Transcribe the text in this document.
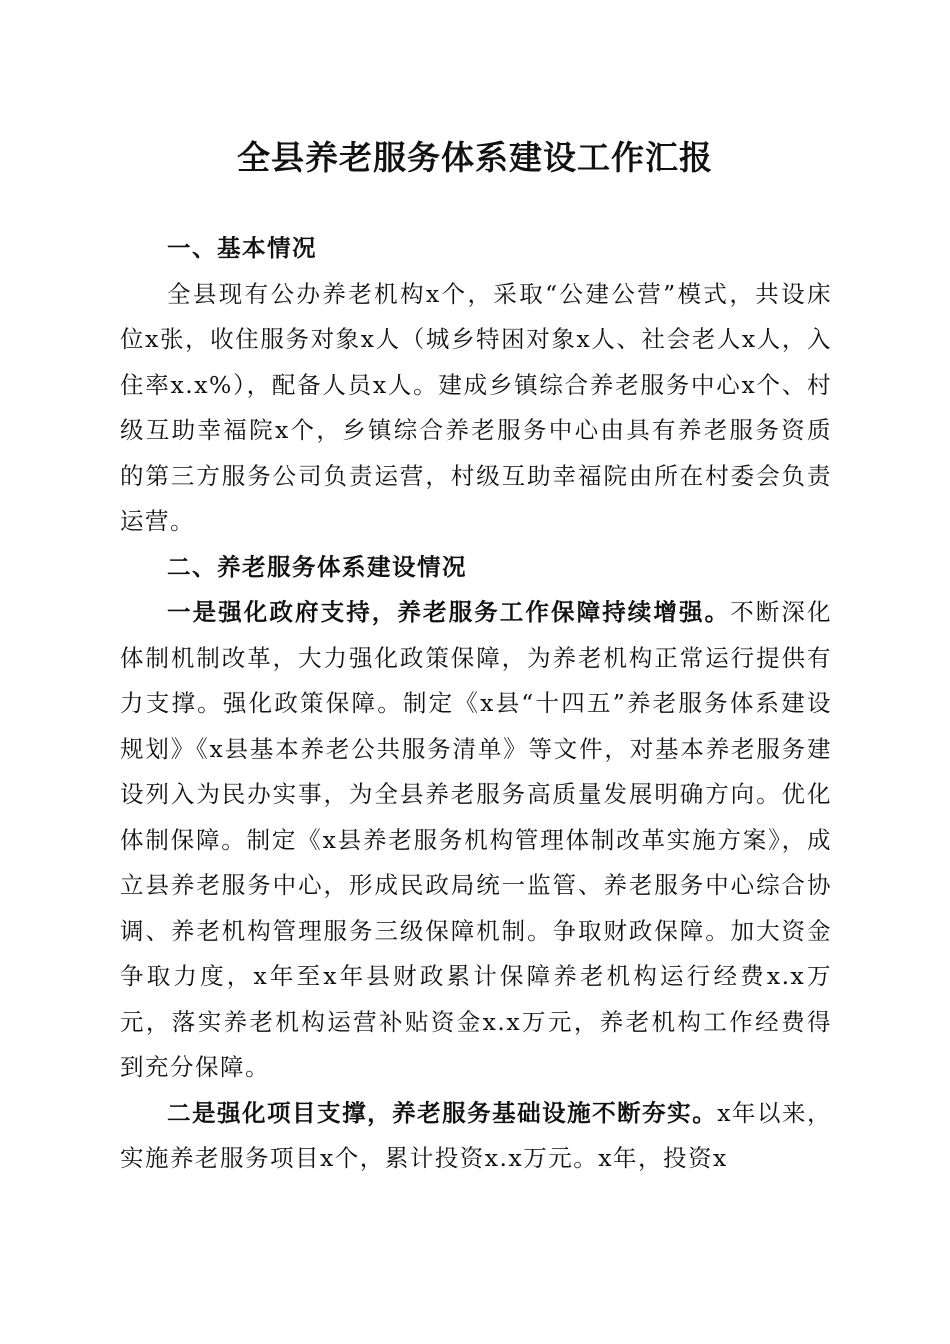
全县养老服务体系建设工作汇报

一、基本情况

全县现有公办养老机构x个，采取“公建公营”模式，共设床位x张，收住服务对象x人（城乡特困对象x人、社会老人x人，入住率x.x%），配备人员x人。建成乡镇综合养老服务中心x个、村级互助幸福院x个，乡镇综合养老服务中心由具有养老服务资质的第三方服务公司负责运营，村级互助幸福院由所在村委会负责运营。

二、养老服务体系建设情况

一是强化政府支持，养老服务工作保障持续增强。不断深化体制机制改革，大力强化政策保障，为养老机构正常运行提供有力支撑。强化政策保障。制定《x县“十四五”养老服务体系建设规划》《x县基本养老公共服务清单》等文件，对基本养老服务建设列入为民办实事，为全县养老服务高质量发展明确方向。优化体制保障。制定《x县养老服务机构管理体制改革实施方案》，成立县养老服务中心，形成民政局统一监管、养老服务中心综合协调、养老机构管理服务三级保障机制。争取财政保障。加大资金争取力度，x年至x年县财政累计保障养老机构运行经费x.x万元，落实养老机构运营补贴资金x.x万元，养老机构工作经费得到充分保障。

二是强化项目支撑，养老服务基础设施不断夯实。x年以来，实施养老服务项目x个，累计投资x.x万元。x年，投资x
